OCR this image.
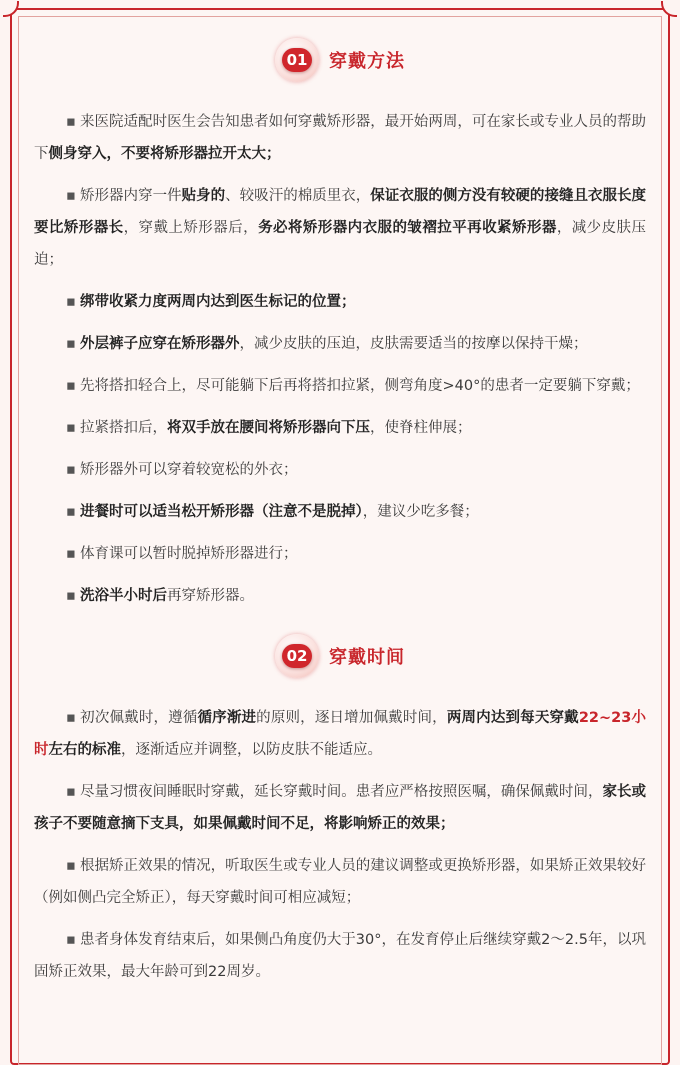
01 穿戴方法

▪ 来医院适配时医生会告知患者如何穿戴矫形器，最开始两周，可在家长或专业人员的帮助下侧身穿入，不要将矫形器拉开太大；

▪ 矫形器内穿一件贴身的、较吸汗的棉质里衣，保证衣服的侧方没有较硬的接缝且衣服长度要比矫形器长，穿戴上矫形器后，务必将矫形器内衣服的皱褶拉平再收紧矫形器，减少皮肤压迫；

▪ 绑带收紧力度两周内达到医生标记的位置；

▪ 外层裤子应穿在矫形器外，减少皮肤的压迫，皮肤需要适当的按摩以保持干燥；

▪ 先将搭扣轻合上，尽可能躺下后再将搭扣拉紧，侧弯角度>40°的患者一定要躺下穿戴；

▪ 拉紧搭扣后，将双手放在腰间将矫形器向下压，使脊柱伸展；

▪ 矫形器外可以穿着较宽松的外衣；

▪ 进餐时可以适当松开矫形器（注意不是脱掉），建议少吃多餐；

▪ 体育课可以暂时脱掉矫形器进行；

▪ 洗浴半小时后再穿矫形器。

02 穿戴时间

▪ 初次佩戴时，遵循循序渐进的原则，逐日增加佩戴时间，两周内达到每天穿戴22~23小时左右的标准，逐渐适应并调整，以防皮肤不能适应。

▪ 尽量习惯夜间睡眠时穿戴，延长穿戴时间。患者应严格按照医嘱，确保佩戴时间，家长或孩子不要随意摘下支具，如果佩戴时间不足，将影响矫正的效果；

▪ 根据矫正效果的情况，听取医生或专业人员的建议调整或更换矫形器，如果矫正效果较好（例如侧凸完全矫正），每天穿戴时间可相应减短；

▪ 患者身体发育结束后，如果侧凸角度仍大于30°，在发育停止后继续穿戴2～2.5年，以巩固矫正效果，最大年龄可到22周岁。
